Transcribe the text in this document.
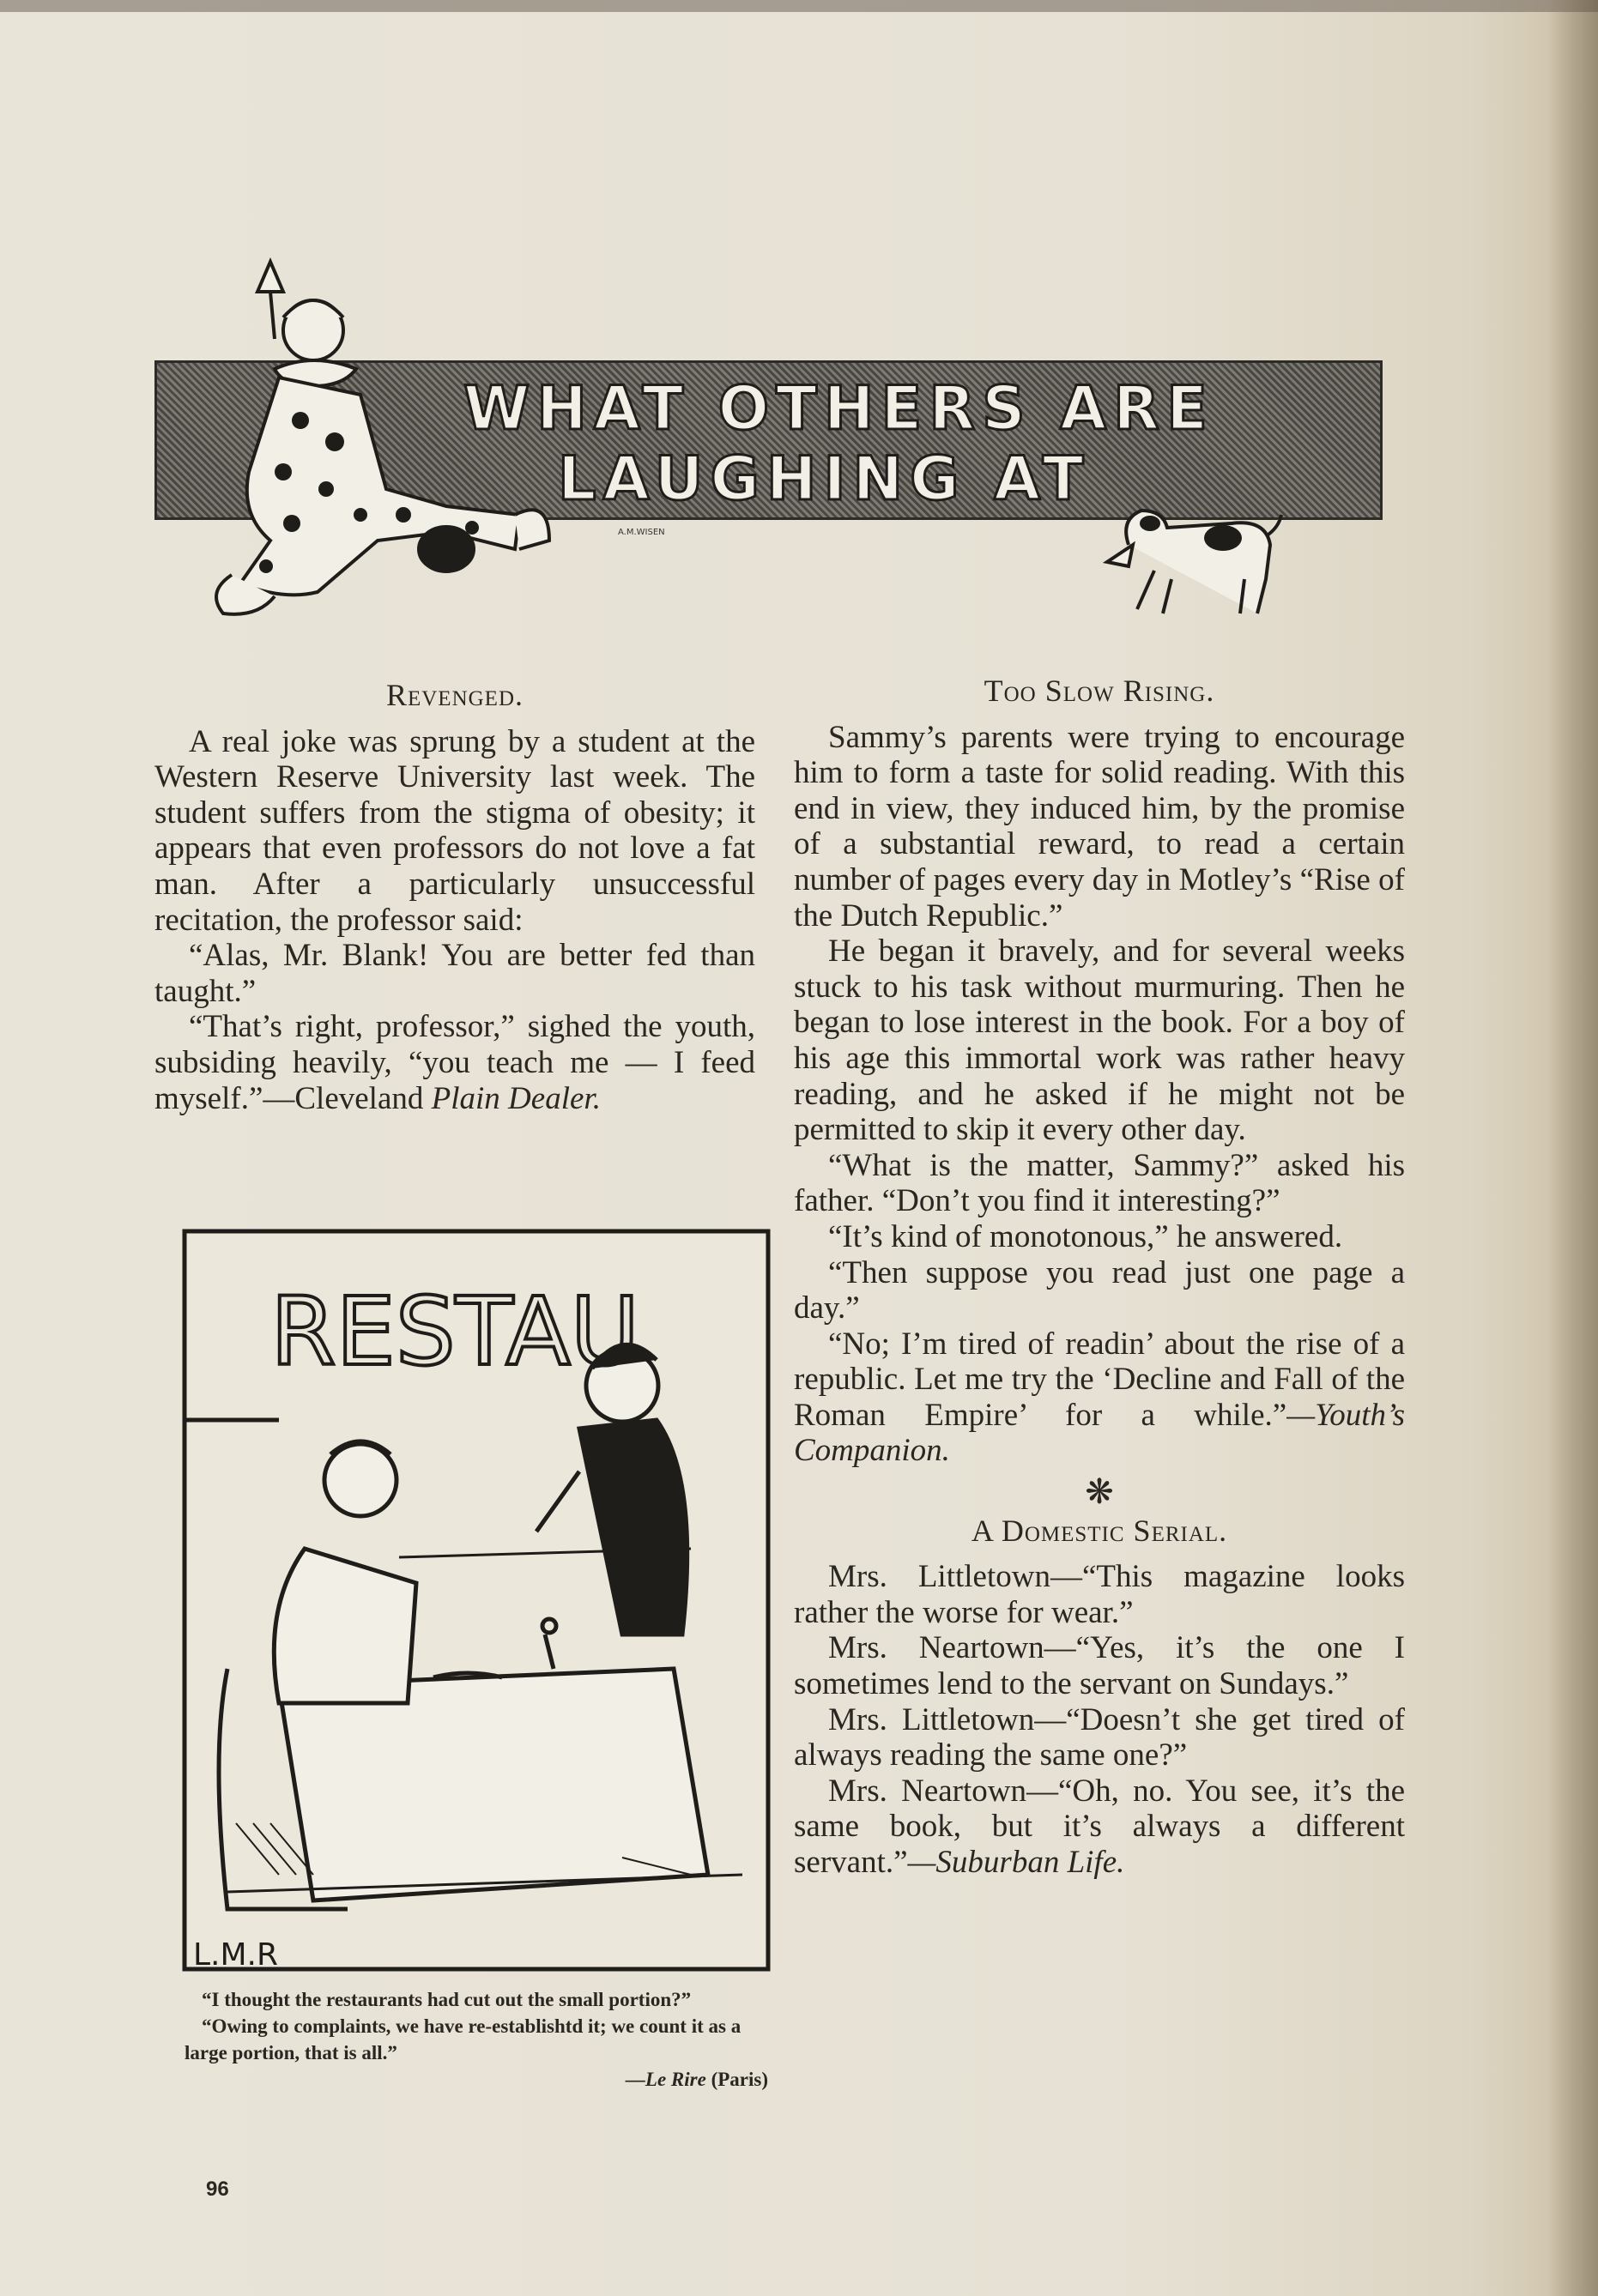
WHAT OTHERS ARE
LAUGHING AT
A.M.WISEN
Revenged.

A real joke was sprung by a student at the Western Reserve University last week. The student suffers from the stigma of obesity; it appears that even professors do not love a fat man. After a particularly unsuccessful recitation, the professor said:

“Alas, Mr. Blank! You are better fed than taught.”

“That’s right, professor,” sighed the youth, subsiding heavily, “you teach me — I feed myself.”—Cleveland Plain Dealer.

RESTAU
L.M.R

“I thought the restaurants had cut out the small portion?”

“Owing to complaints, we have re-establishtd it; we count it as a large portion, that is all.”

—Le Rire (Paris)
Too Slow Rising.

Sammy’s parents were trying to encourage him to form a taste for solid reading. With this end in view, they induced him, by the promise of a substantial reward, to read a certain number of pages every day in Motley’s “Rise of the Dutch Republic.”

He began it bravely, and for several weeks stuck to his task without murmuring. Then he began to lose interest in the book. For a boy of his age this immortal work was rather heavy reading, and he asked if he might not be permitted to skip it every other day.

“What is the matter, Sammy?” asked his father. “Don’t you find it interesting?”

“It’s kind of monotonous,” he answered.

“Then suppose you read just one page a day.”

“No; I’m tired of readin’ about the rise of a republic. Let me try the ‘Decline and Fall of the Roman Empire’ for a while.”—Youth’s Companion.

❋
A Domestic Serial.

Mrs. Littletown—“This magazine looks rather the worse for wear.”

Mrs. Neartown—“Yes, it’s the one I sometimes lend to the servant on Sundays.”

Mrs. Littletown—“Doesn’t she get tired of always reading the same one?”

Mrs. Neartown—“Oh, no. You see, it’s the same book, but it’s always a different servant.”—Suburban Life.

96
